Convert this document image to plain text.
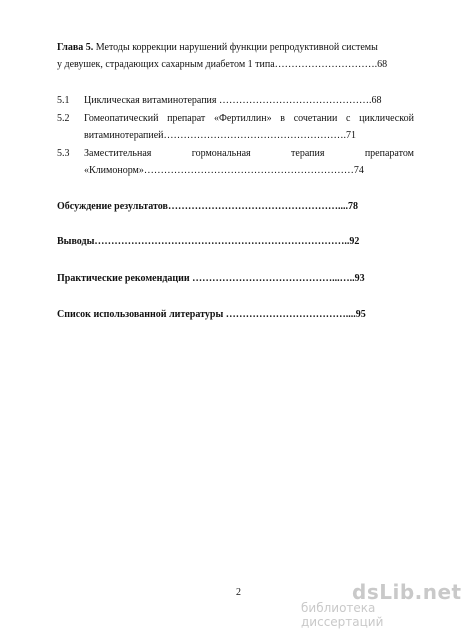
Глава 5. Методы коррекции нарушений функции репродуктивной системы
у девушек, страдающих сахарным диабетом 1 типа………………………….68
5.1 Циклическая витаминотерапия ……………………………………….68
5.2 Гомеопатический препарат «Фертиллин» в сочетании с циклической
витаминотерапией……………………………………………….71
5.3 Заместительная	гормональная	терапия	препаратом
«Климонорм»………………………………………………………74
Обсуждение результатов……………………………………………....78
Выводы…………………………………………………………………..92
Практические рекомендации ……………………………………...…..93
Список использованной литературы ………………………………....95
2	dsLib.net
библиотека диссертаций
